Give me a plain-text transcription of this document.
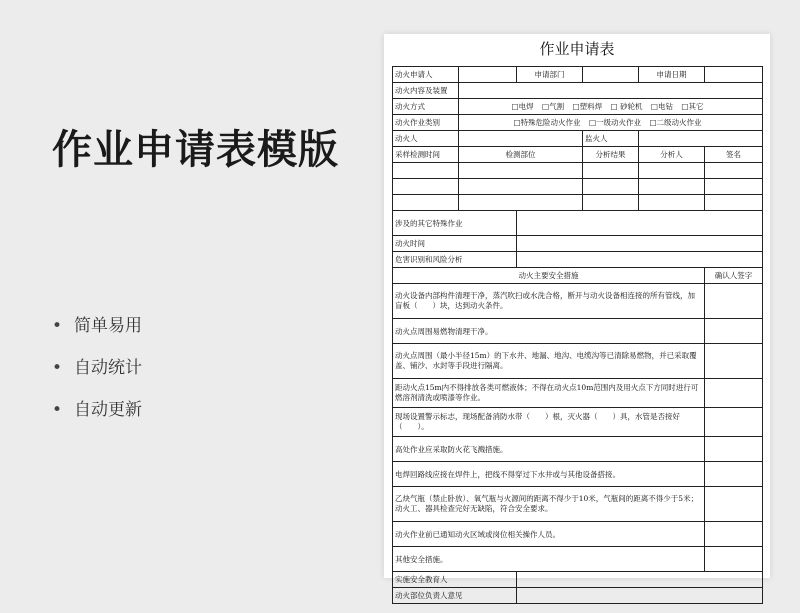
作业申请表模版
• 简单易用
• 自动统计
• 自动更新
作业申请表
动火申请人		申请部门		申请日期	
动火内容及装置					
动火方式	□电焊 □气割 □塑料焊 □ 砂轮机 □电钻 □其它				
动火作业类别	□特殊危险动火作业 □一级动火作业 □二级动火作业				
动火人			监火人		
采样检测时间	检测部位		分析结果	分析人	签名

涉及的其它特殊作业					
动火时间					
危害识别和风险分析					
动火主要安全措施					确认人签字
动火设备内部构件清理干净，蒸汽吹扫或水洗合格，断开与动火设备相连接的所有管线，加盲板（　　）块，达到动火条件。					
动火点周围易燃物清理干净。					
动火点周围（最小半径15m）的下水井、地漏、地沟、电缆沟等已清除易燃物，并已采取覆盖、铺沙、水封等手段进行隔离。					
距动火点15m内不得排放各类可燃液体；不得在动火点10m范围内及用火点下方同时进行可燃溶剂清洗或喷漆等作业。					
现场设置警示标志，现场配备消防水带（　　）根，灭火器（　　）具，水管是否接好（　　）。					
高处作业应采取防火花飞溅措施。					
电焊回路线应接在焊件上，把线不得穿过下水井或与其他设备搭接。					
乙炔气瓶（禁止卧放）、氧气瓶与火源间的距离不得少于10米，气瓶间的距离不得少于5米；动火工、器具检查完好无缺陷，符合安全要求。					
动火作业前已通知动火区域或岗位相关操作人员。					
其他安全措施。					
实施安全教育人					
动火部位负责人意见					
